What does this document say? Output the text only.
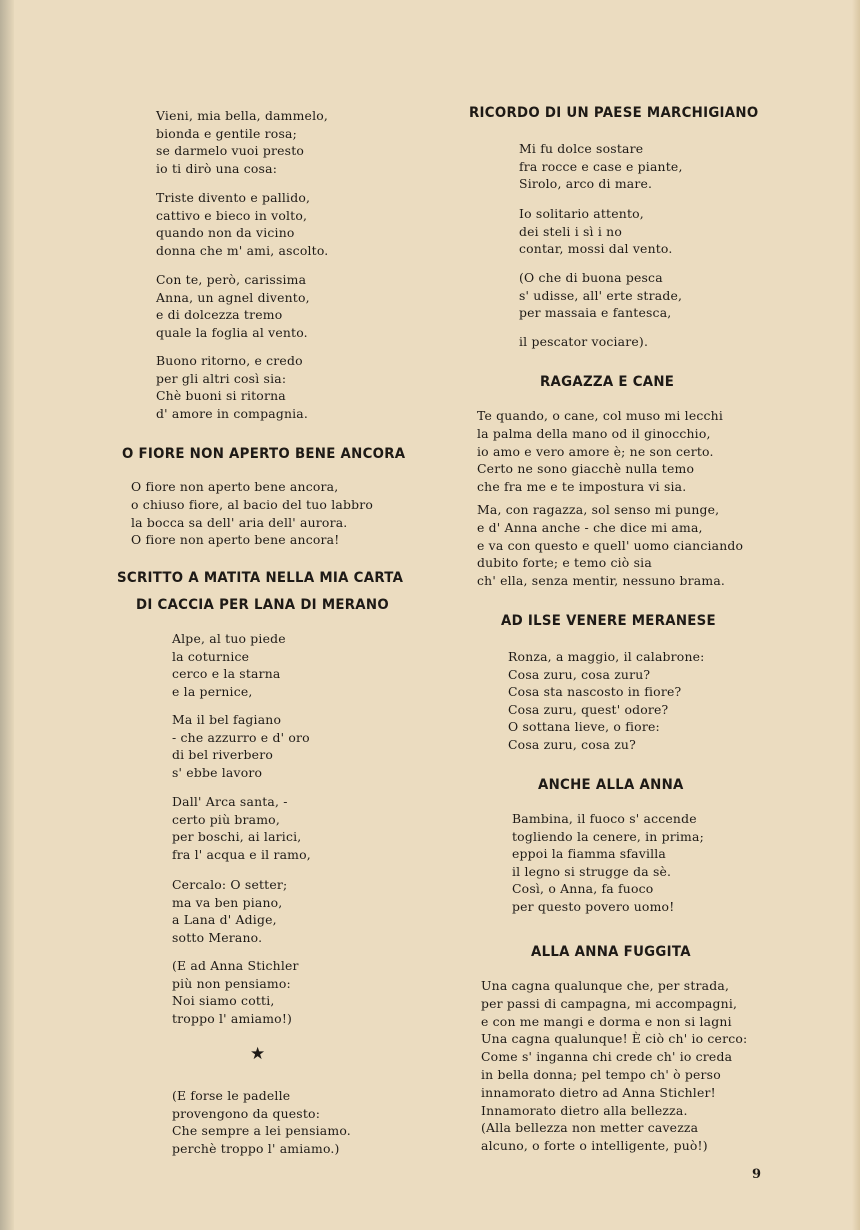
Vieni, mia bella, dammelo,
bionda e gentile rosa;
se darmelo vuoi presto
io ti dirò una cosa:
Triste divento e pallido,
cattivo e bieco in volto,
quando non da vicino
donna che m' ami, ascolto.
Con te, però, carissima
Anna, un agnel divento,
e di dolcezza tremo
quale la foglia al vento.
Buono ritorno, e credo
per gli altri così sia:
Chè buoni si ritorna
d' amore in compagnia.
O FIORE NON APERTO BENE ANCORA
O fiore non aperto bene ancora,
o chiuso fiore, al bacio del tuo labbro
la bocca sa dell' aria dell' aurora.
O fiore non aperto bene ancora!
SCRITTO A MATITA NELLA MIA CARTA
DI CACCIA PER LANA DI MERANO
Alpe, al tuo piede
la coturnice
cerco e la starna
e la pernice,
Ma il bel fagiano
- che azzurro e d' oro
di bel riverbero
s' ebbe lavoro
Dall' Arca santa, -
certo più bramo,
per boschi, ai larici,
fra l' acqua e il ramo,
Cercalo: O setter;
ma va ben piano,
a Lana d' Adige,
sotto Merano.
(E ad Anna Stichler
più non pensiamo:
Noi siamo cotti,
troppo l' amiamo!)
★
(E forse le padelle
provengono da questo:
Che sempre a lei pensiamo.
perchè troppo l' amiamo.)
RICORDO DI UN PAESE MARCHIGIANO
Mi fu dolce sostare
fra rocce e case e piante,
Sirolo, arco di mare.
Io solitario attento,
dei steli i sì i no
contar, mossi dal vento.
(O che di buona pesca
s' udisse, all' erte strade,
per massaia e fantesca,
il pescator vociare).
RAGAZZA E CANE
Te quando, o cane, col muso mi lecchi
la palma della mano od il ginocchio,
io amo e vero amore è; ne son certo.
Certo ne sono giacchè nulla temo
che fra me e te impostura vi sia.
Ma, con ragazza, sol senso mi punge,
e d' Anna anche - che dice mi ama,
e va con questo e quell' uomo cianciando
dubito forte; e temo ciò sia
ch' ella, senza mentir, nessuno brama.
AD ILSE VENERE MERANESE
Ronza, a maggio, il calabrone:
Cosa zuru, cosa zuru?
Cosa sta nascosto in fiore?
Cosa zuru, quest' odore?
O sottana lieve, o fiore:
Cosa zuru, cosa zu?
ANCHE ALLA ANNA
Bambina, il fuoco s' accende
togliendo la cenere, in prima;
eppoi la fiamma sfavilla
il legno si strugge da sè.
Così, o Anna, fa fuoco
per questo povero uomo!
ALLA ANNA FUGGITA
Una cagna qualunque che, per strada,
per passi di campagna, mi accompagni,
e con me mangi e dorma e non si lagni
Una cagna qualunque! È ciò ch' io cerco:
Come s' inganna chi crede ch' io creda
in bella donna; pel tempo ch' ò perso
innamorato dietro ad Anna Stichler!
Innamorato dietro alla bellezza.
(Alla bellezza non metter cavezza
alcuno, o forte o intelligente, può!)
9
